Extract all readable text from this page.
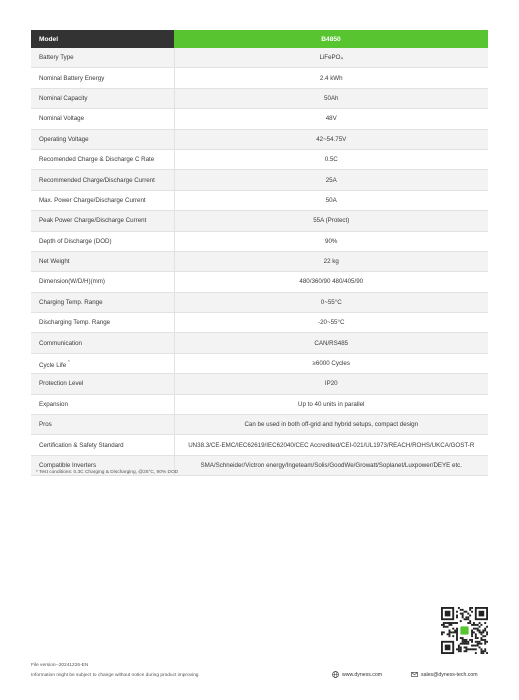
Model	B4850
Battery Type	LiFePO₄
Nominal Battery Energy	2.4 kWh
Nominal Capacity	50Ah
Nominal Voltage	48V
Operating Voltage	42~54.75V
Recomended Charge & Discharge C Rate	0.5C
Recommended Charge/Discharge Current	25A
Max. Power Charge/Discharge Current	50A
Peak Power Charge/Discharge Current	55A (Protect)
Depth of Discharge (DOD)	90%
Net Weight	22 kg
Dimension(W/D/H)(mm)	480/360/90 480/405/90
Charging Temp. Range	0~55°C
Discharging Temp. Range	-20~55°C
Communication	CAN/RS485
Cycle Life*	≥6000 Cycles
Protection Level	IP20
Expansion	Up to 40 units in parallel
Pros	Can be used in both off-grid and hybrid setups, compact design
Certification & Safety Standard	UN38.3/CE-EMC/IEC62619/IEC62040/CEC Accredited/CEI-021/UL1973/REACH/ROHS/UKCA/GOST-R
Compatible Inverters	SMA/Schneider/Victron energy/Ingeteam/Solis/GoodWe/Growatt/Soplanet/Luxpower/DEYE etc.
* Test conditions: 0.3C Charging & Discharging, @25°C, 90% DOD
File version--20241226-EN
Information might be subject to change without notice during product improving	www.dyness.com	sales@dyness-tech.com
